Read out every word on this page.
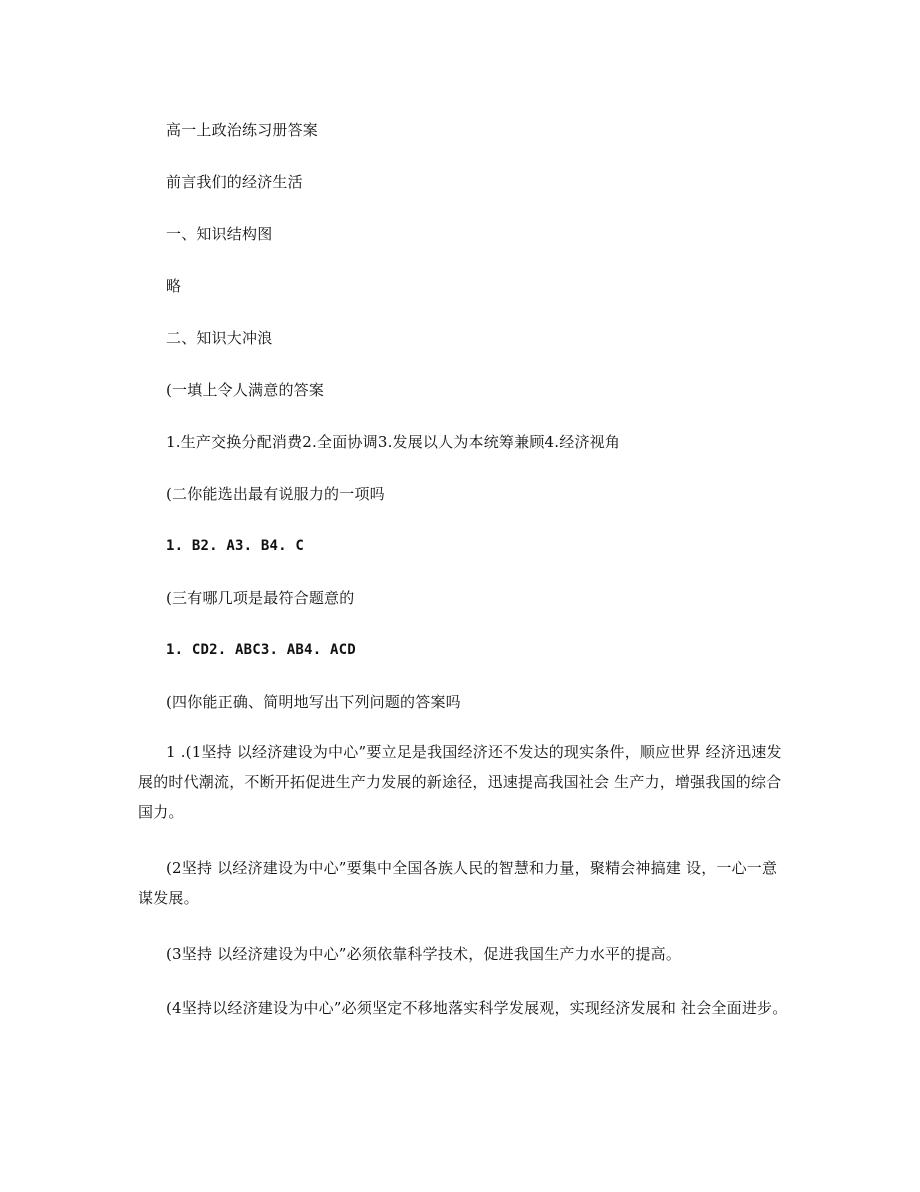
高一上政治练习册答案
前言我们的经济生活
一、知识结构图
略
二、知识大冲浪
(一填上令人满意的答案
1.生产交换分配消费2.全面协调3.发展以人为本统筹兼顾4.经济视角
(二你能选出最有说服力的一项吗
1. B2. A3. B4. C
(三有哪几项是最符合题意的
1. CD2. ABC3. AB4. ACD
(四你能正确、简明地写出下列问题的答案吗
1 .(1坚持 以经济建设为中心”要立足是我国经济还不发达的现实条件，顺应世界 经济迅速发展的时代潮流，不断开拓促进生产力发展的新途径，迅速提高我国社会 生产力，增强我国的综合国力。
(2坚持 以经济建设为中心”要集中全国各族人民的智慧和力量，聚精会神搞建 设，一心一意谋发展。
(3坚持 以经济建设为中心”必须依靠科学技术，促进我国生产力水平的提高。
(4坚持以经济建设为中心”必须坚定不移地落实科学发展观，实现经济发展和 社会全面进步。
